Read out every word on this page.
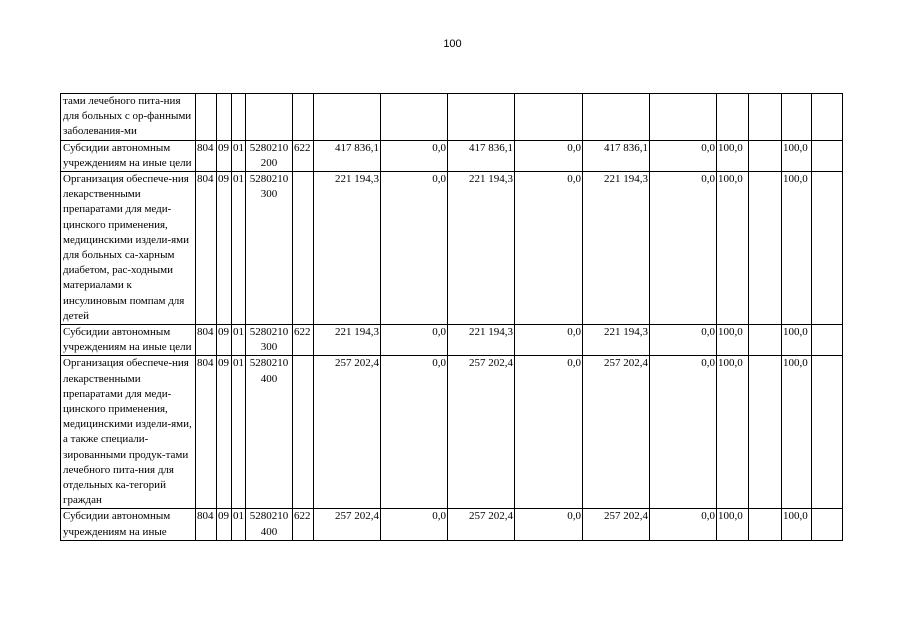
100
тами лечебного пита-ния для больных с ор-фанными заболевания-ми															
Субсидии автономным учреждениям на иные цели	804	09	01	5280210 200	622	417 836,1	0,0	417 836,1	0,0	417 836,1	0,0	100,0		100,0	
Организация обеспече-ния лекарственными препаратами для меди-цинского применения, медицинскими издели-ями для больных са-харным диабетом, рас-ходными материалами к инсулиновым помпам для детей	804	09	01	5280210 300		221 194,3	0,0	221 194,3	0,0	221 194,3	0,0	100,0		100,0	
Субсидии автономным учреждениям на иные цели	804	09	01	5280210 300	622	221 194,3	0,0	221 194,3	0,0	221 194,3	0,0	100,0		100,0	
Организация обеспече-ния лекарственными препаратами для меди-цинского применения, медицинскими издели-ями, а также специали-зированными продук-тами лечебного пита-ния для отдельных ка-тегорий граждан	804	09	01	5280210 400		257 202,4	0,0	257 202,4	0,0	257 202,4	0,0	100,0		100,0	
Субсидии автономным учреждениям на иные	804	09	01	5280210 400	622	257 202,4	0,0	257 202,4	0,0	257 202,4	0,0	100,0		100,0	
